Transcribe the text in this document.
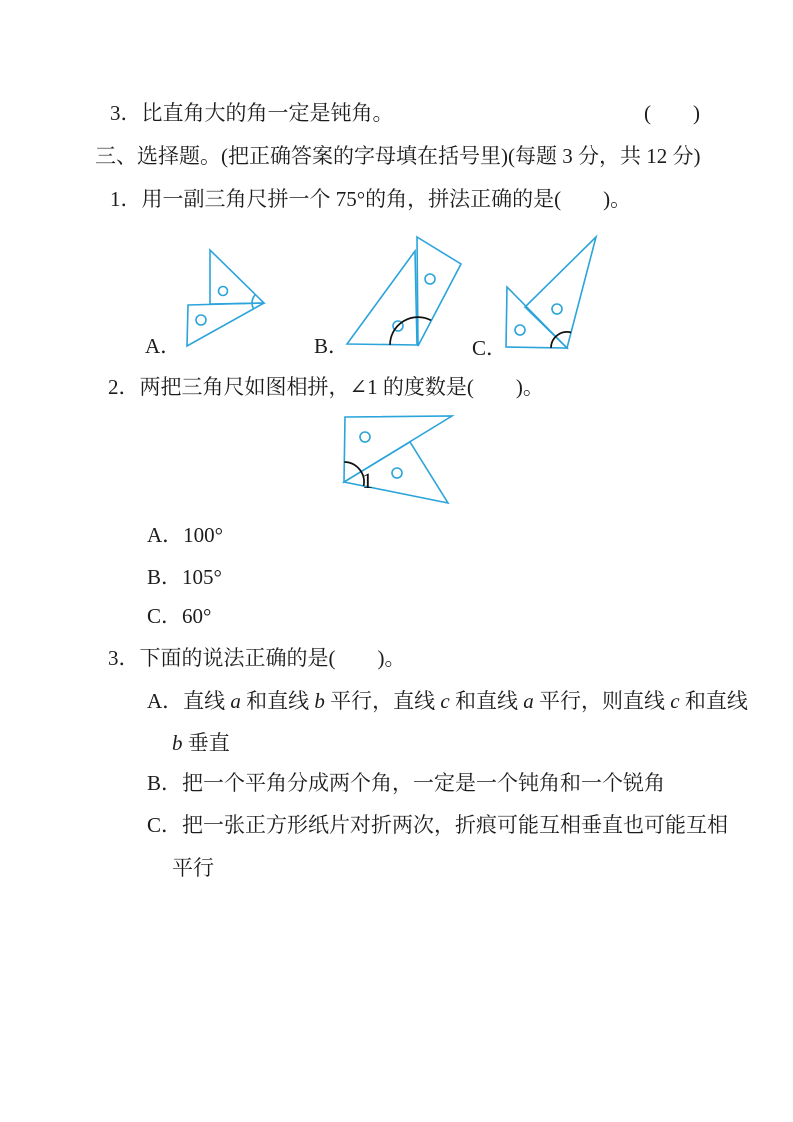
3．比直角大的角一定是钝角。	(　　)
三、选择题。(把正确答案的字母填在括号里)(每题 3 分，共 12 分)
1．用一副三角尺拼一个 75°的角，拼法正确的是(　　)。
A．	B．	C．
2．两把三角尺如图相拼，∠1 的度数是(　　)。
1
A．100°
B．105°
C．60°
3．下面的说法正确的是(　　)。
A．直线 a 和直线 b 平行，直线 c 和直线 a 平行，则直线 c 和直线
b 垂直
B．把一个平角分成两个角，一定是一个钝角和一个锐角
C．把一张正方形纸片对折两次，折痕可能互相垂直也可能互相
平行
